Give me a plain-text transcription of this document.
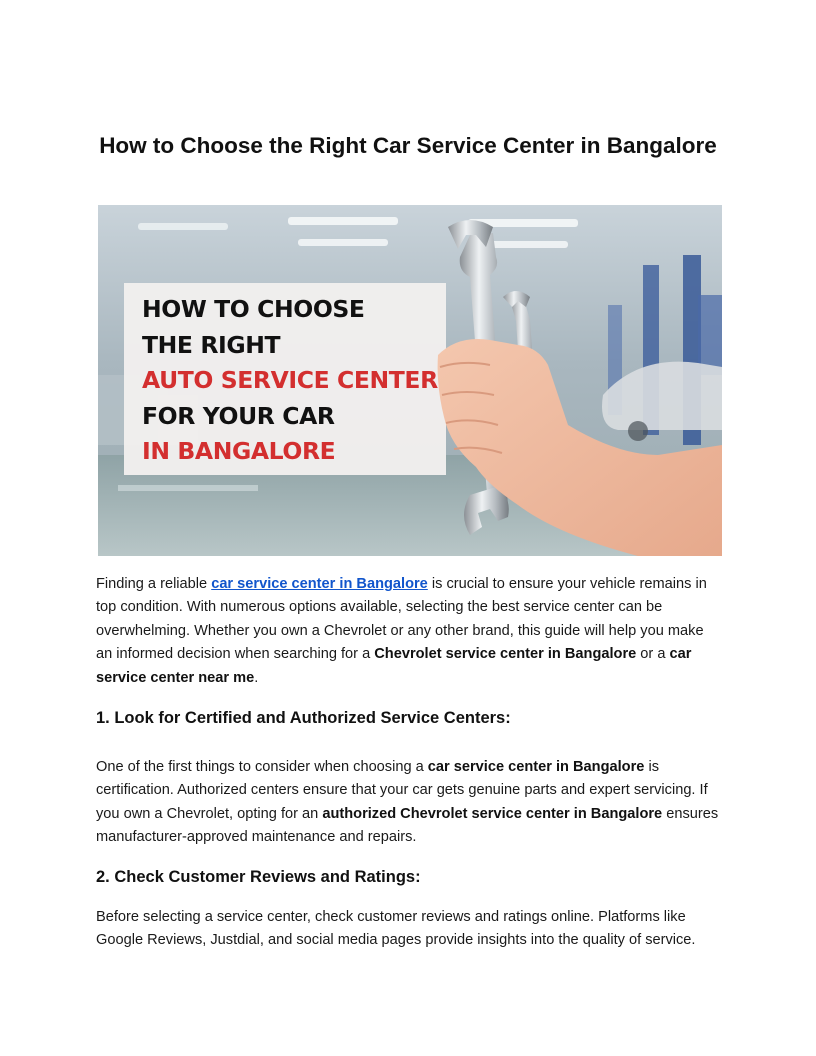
How to Choose the Right Car Service Center in Bangalore
HOW TO CHOOSE
THE RIGHT
AUTO SERVICE CENTER
FOR YOUR CAR
IN BANGALORE

Finding a reliable car service center in Bangalore is crucial to ensure your vehicle remains in top condition. With numerous options available, selecting the best service center can be overwhelming. Whether you own a Chevrolet or any other brand, this guide will help you make an informed decision when searching for a Chevrolet service center in Bangalore or a car service center near me.

1. Look for Certified and Authorized Service Centers:

One of the first things to consider when choosing a car service center in Bangalore is certification. Authorized centers ensure that your car gets genuine parts and expert servicing. If you own a Chevrolet, opting for an authorized Chevrolet service center in Bangalore ensures manufacturer-approved maintenance and repairs.

2. Check Customer Reviews and Ratings:

Before selecting a service center, check customer reviews and ratings online. Platforms like Google Reviews, Justdial, and social media pages provide insights into the quality of service.
